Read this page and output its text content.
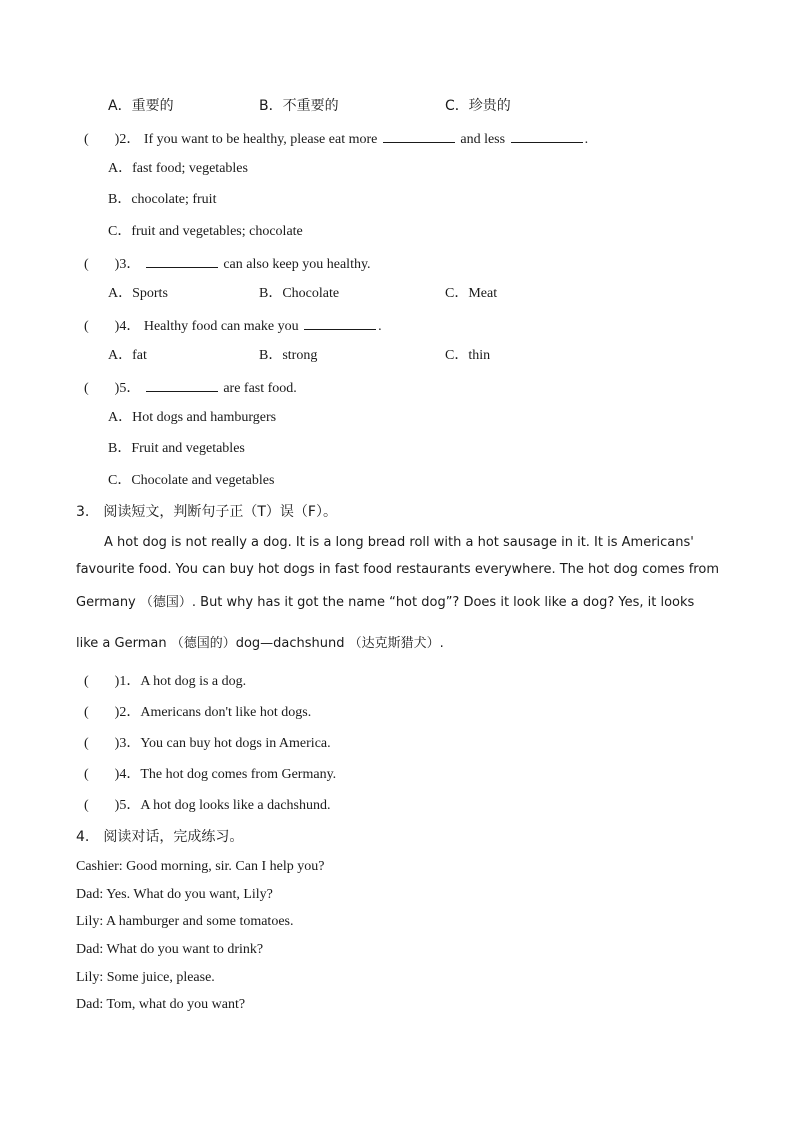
A．重要的	B．不重要的	C．珍贵的
( )2． If you want to be healthy, please eat more	and less	.
A．fast food; vegetables
B．chocolate; fruit
C．fruit and vegetables; chocolate
( )3．	can also keep you healthy.
A．Sports	B．Chocolate	C．Meat
( )4． Healthy food can make you	.
A．fat	B．strong	C．thin
( )5．	are fast food.
A．Hot dogs and hamburgers
B．Fruit and vegetables
C．Chocolate and vegetables
3.　阅读短文，判断句子正（T）误（F）。
A hot dog is not really a dog. It is a long bread roll with a hot sausage in it. It is Americans'
favourite food. You can buy hot dogs in fast food restaurants everywhere. The hot dog comes from
Germany （德国）. But why has it got the name “hot dog”? Does it look like a dog? Yes, it looks
like a German （德国的）dog—dachshund （达克斯猎犬）.
( )1．A hot dog is a dog.
( )2．Americans don't like hot dogs.
( )3．You can buy hot dogs in America.
( )4．The hot dog comes from Germany.
( )5．A hot dog looks like a dachshund.
4.　阅读对话，完成练习。
Cashier: Good morning, sir. Can I help you?
Dad: Yes. What do you want, Lily?
Lily: A hamburger and some tomatoes.
Dad: What do you want to drink?
Lily: Some juice, please.
Dad: Tom, what do you want?
